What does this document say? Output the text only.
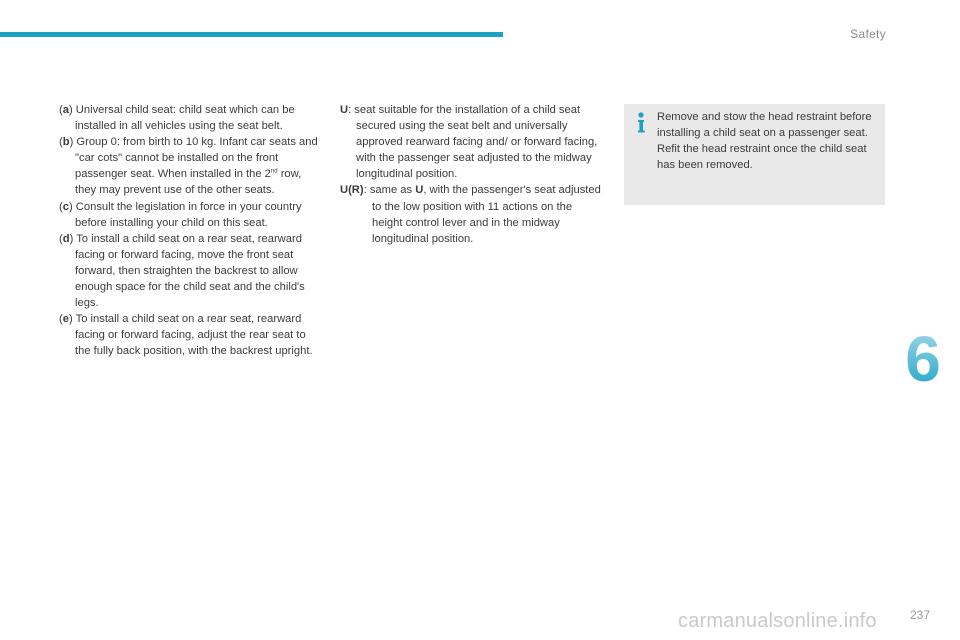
Safety

(a) Universal child seat: child seat which can be installed in all vehicles using the seat belt.

(b) Group 0: from birth to 10 kg. Infant car seats and "car cots" cannot be installed on the front passenger seat. When installed in the 2nd row, they may prevent use of the other seats.

(c) Consult the legislation in force in your country before installing your child on this seat.

(d) To install a child seat on a rear seat, rearward facing or forward facing, move the front seat forward, then straighten the backrest to allow enough space for the child seat and the child's legs.

(e) To install a child seat on a rear seat, rearward facing or forward facing, adjust the rear seat to the fully back position, with the backrest upright.

U: seat suitable for the installation of a child seat secured using the seat belt and universally approved rearward facing and/ or forward facing, with the passenger seat adjusted to the midway longitudinal position.

U(R): same as U, with the passenger's seat adjusted to the low position with 11 actions on the height control lever and in the midway longitudinal position.

Remove and stow the head restraint before installing a child seat on a passenger seat. Refit the head restraint once the child seat has been removed.
6
carmanualsonline.info	237
